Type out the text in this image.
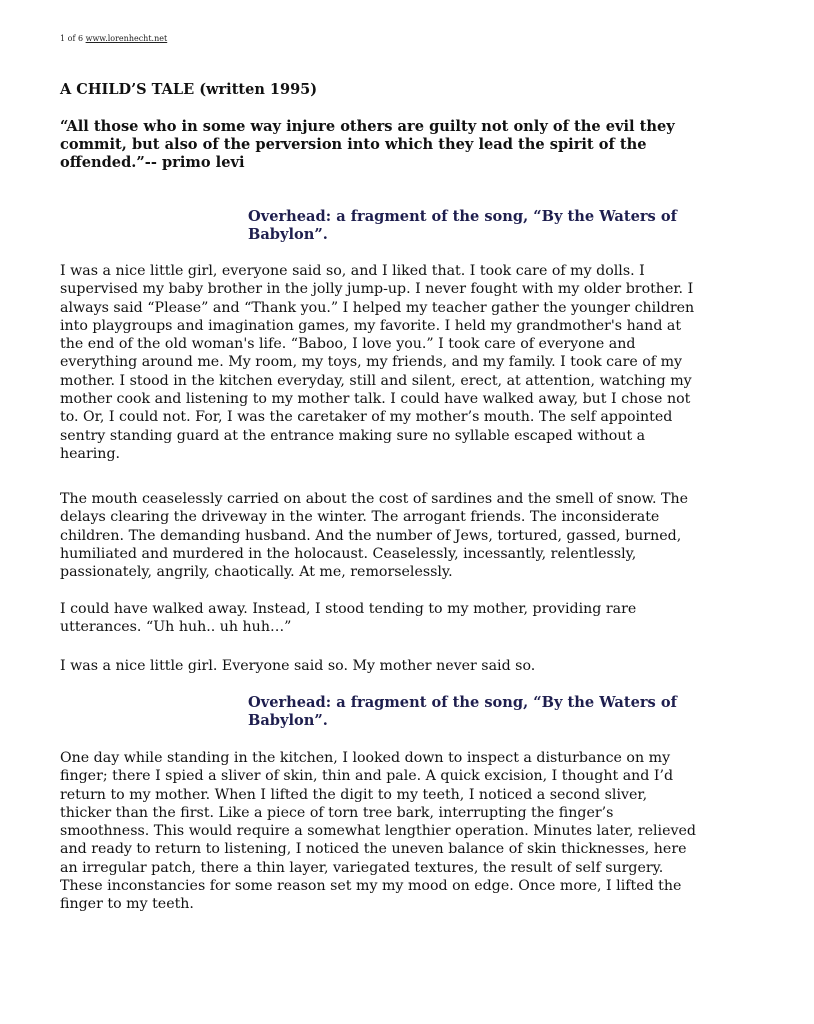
1 of 6 www.lorenhecht.net
A CHILD’S TALE (written 1995)
“All those who in some way injure others are guilty not only of the evil they commit, but also of the perversion into which they lead the spirit of the offended.”-- primo levi
Overhead: a fragment of the song, “By the Waters of Babylon”.
I was a nice little girl, everyone said so, and I liked that. I took care of my dolls. I supervised my baby brother in the jolly jump-up. I never fought with my older brother. I always said “Please” and “Thank you.” I helped my teacher gather the younger children into playgroups and imagination games, my favorite. I held my grandmother's hand at the end of the old woman's life. “Baboo, I love you.” I took care of everyone and everything around me. My room, my toys, my friends, and my family. I took care of my mother. I stood in the kitchen everyday, still and silent, erect, at attention, watching my mother cook and listening to my mother talk. I could have walked away, but I chose not to. Or, I could not. For, I was the caretaker of my mother’s mouth. The self appointed sentry standing guard at the entrance making sure no syllable escaped without a hearing.
The mouth ceaselessly carried on about the cost of sardines and the smell of snow. The delays clearing the driveway in the winter. The arrogant friends. The inconsiderate children. The demanding husband. And the number of Jews, tortured, gassed, burned, humiliated and murdered in the holocaust. Ceaselessly, incessantly, relentlessly, passionately, angrily, chaotically. At me, remorselessly.
I could have walked away. Instead, I stood tending to my mother, providing rare utterances. “Uh huh.. uh huh…”
I was a nice little girl. Everyone said so. My mother never said so.
Overhead: a fragment of the song, “By the Waters of Babylon”.
One day while standing in the kitchen, I looked down to inspect a disturbance on my finger; there I spied a sliver of skin, thin and pale. A quick excision, I thought and I’d return to my mother. When I lifted the digit to my teeth, I noticed a second sliver, thicker than the first. Like a piece of torn tree bark, interrupting the finger’s smoothness. This would require a somewhat lengthier operation. Minutes later, relieved and ready to return to listening, I noticed the uneven balance of skin thicknesses, here an irregular patch, there a thin layer, variegated textures, the result of self surgery. These inconstancies for some reason set my my mood on edge. Once more, I lifted the finger to my teeth.
